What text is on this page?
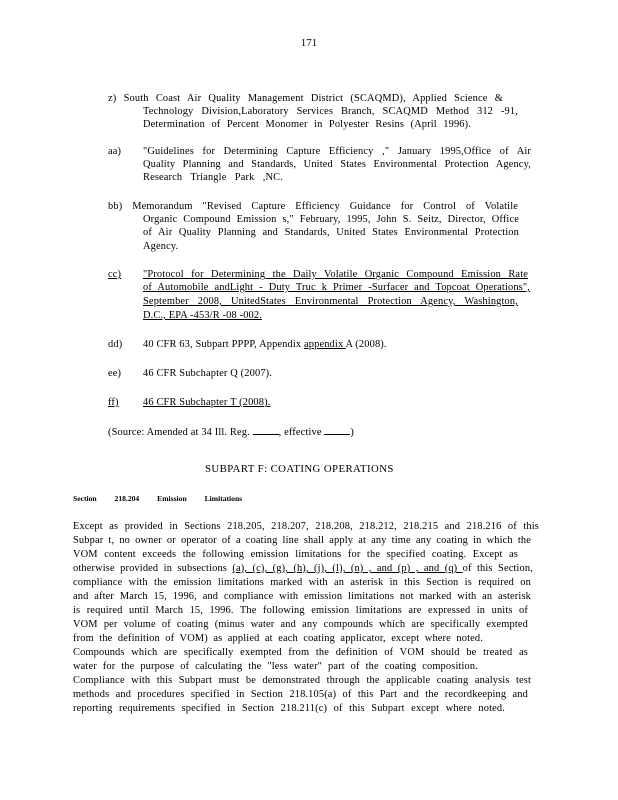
171
z) South Coast Air Quality Management District (SCAQMD), Applied Science &
Technology Division,Laboratory Services Branch, SCAQMD Method 312 -91,
Determination of Percent Monomer in Polyester Resins (April 1996).
aa) "Guidelines for Determining Capture Efficiency ," January 1995,Office of Air
Quality Planning and Standards, United States Environmental Protection Agency,
Research Triangle Park ,NC.
bb) Memorandum "Revised Capture Efficiency Guidance for Control of Volatile
Organic Compound Emission s," February, 1995, John S. Seitz, Director, Office
of Air Quality Planning and Standards, United States Environmental Protection
Agency.
cc) "Protocol for Determining the Daily Volatile Organic Compound Emission Rate
of Automobile andLight - Duty Truc k Primer -Surfacer and Topcoat Operations",
September 2008, UnitedStates Environmental Protection Agency, Washington,
D.C., EPA -453/R -08 -002.
dd) 40 CFR 63, Subpart PPPP, Appendix appendix A (2008).
ee) 46 CFR Subchapter Q (2007).
ff) 46 CFR Subchapter T (2008).
(Source: Amended at 34 Ill. Reg.	, effective	)
SUBPART F: COATING OPERATIONS
Section 218.204 Emission Limitations
Except as provided in Sections 218.205, 218.207, 218.208, 218.212, 218.215 and 218.216 of this
Subpar t, no owner or operator of a coating line shall apply at any time any coating in which the
VOM content exceeds the following emission limitations for the specified coating. Except as
otherwise provided in subsections (a), (c), (g), (h), (j), (l), (n) , and (p) , and (q) of this Section,
compliance with the emission limitations marked with an asterisk in this Section is required on
and after March 15, 1996, and compliance with emission limitations not marked with an asterisk
is required until March 15, 1996. The following emission limitations are expressed in units of
VOM per volume of coating (minus water and any compounds which are specifically exempted
from the definition of VOM) as applied at each coating applicator, except where noted.
Compounds which are specifically exempted from the definition of VOM should be treated as
water for the purpose of calculating the "less water" part of the coating composition.
Compliance with this Subpart must be demonstrated through the applicable coating analysis test
methods and procedures specified in Section 218.105(a) of this Part and the recordkeeping and
reporting requirements specified in Section 218.211(c) of this Subpart except where noted.
